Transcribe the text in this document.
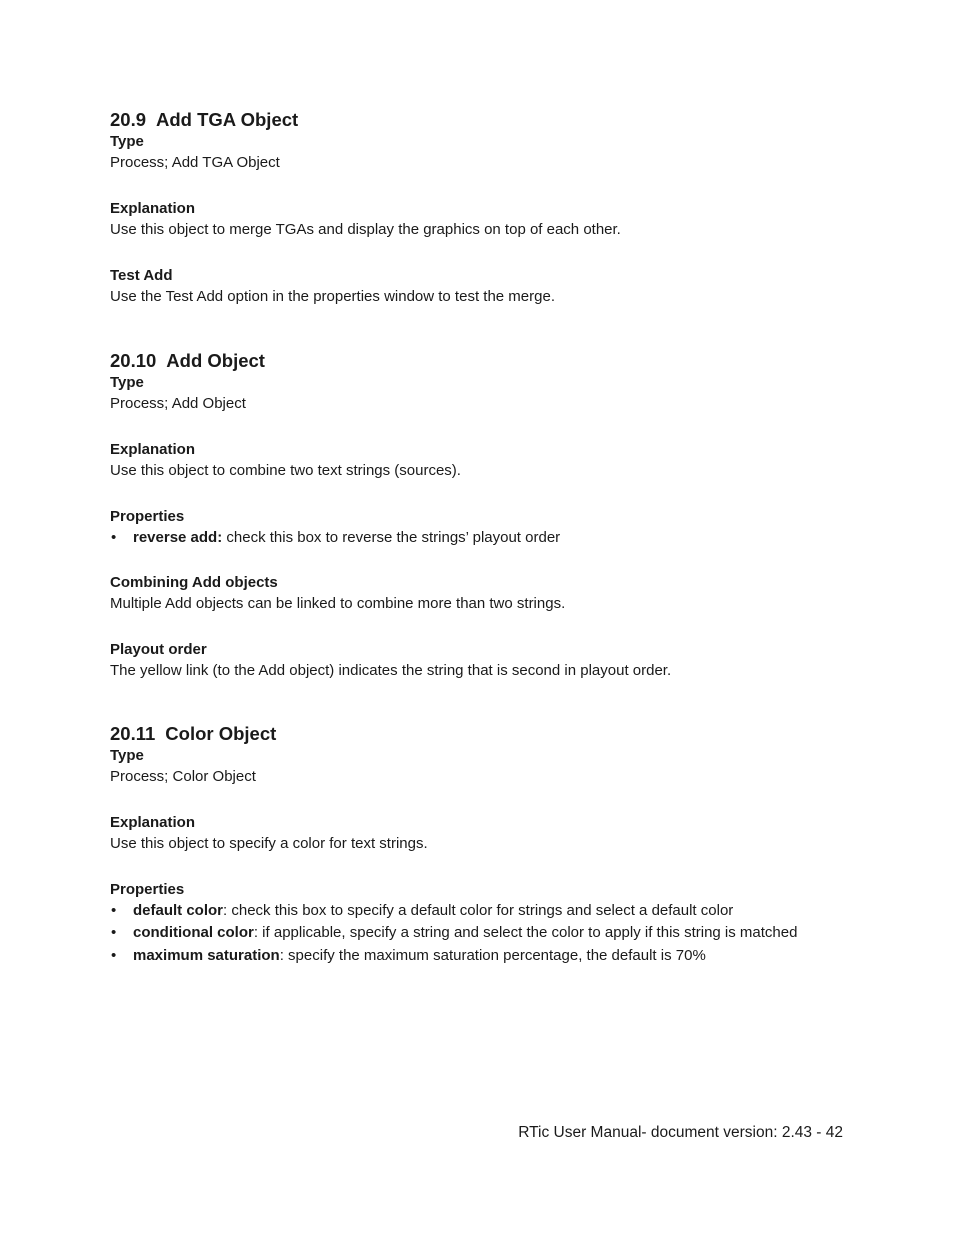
20.9 Add TGA Object

Type

Process; Add TGA Object

Explanation

Use this object to merge TGAs and display the graphics on top of each other.

Test Add

Use the Test Add option in the properties window to test the merge.

20.10 Add Object

Type

Process; Add Object

Explanation

Use this object to combine two text strings (sources).

Properties

• reverse add: check this box to reverse the strings’ playout order

Combining Add objects

Multiple Add objects can be linked to combine more than two strings.

Playout order

The yellow link (to the Add object) indicates the string that is second in playout order.

20.11 Color Object

Type

Process; Color Object

Explanation

Use this object to specify a color for text strings.

Properties

• default color: check this box to specify a default color for strings and select a default color
• conditional color: if applicable, specify a string and select the color to apply if this string is matched
• maximum saturation: specify the maximum saturation percentage, the default is 70%
RTic User Manual- document version: 2.43 - 42
